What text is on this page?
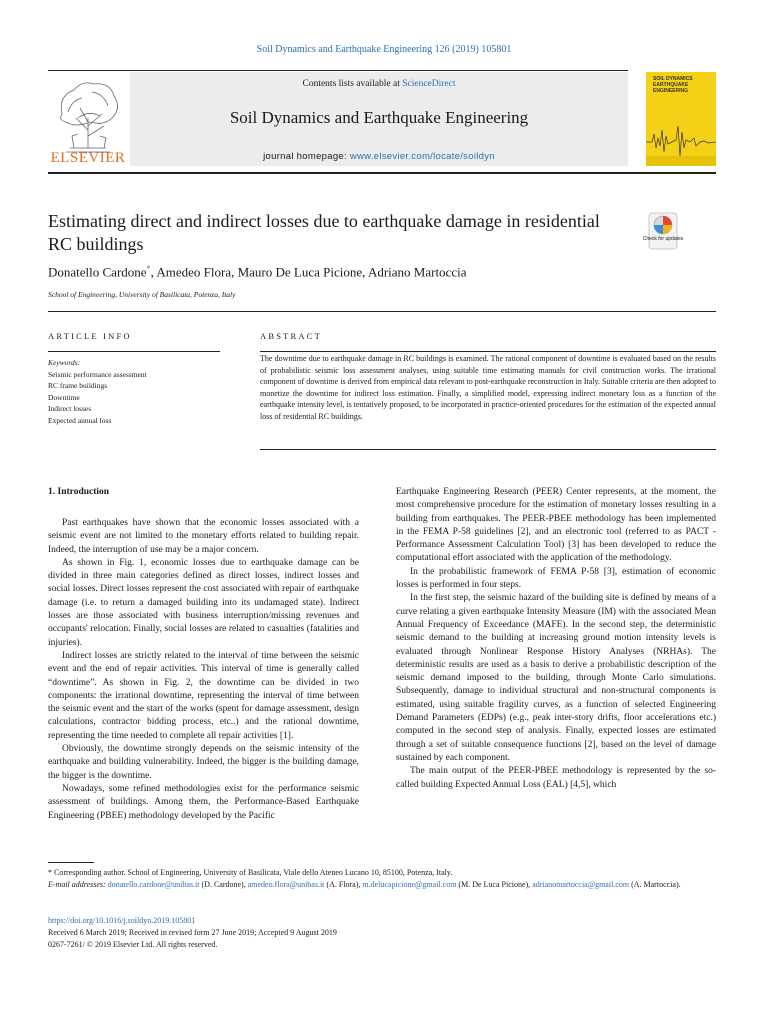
Soil Dynamics and Earthquake Engineering 126 (2019) 105801
Contents lists available at ScienceDirect
Soil Dynamics and Earthquake Engineering
journal homepage: www.elsevier.com/locate/soildyn
ELSEVIER
SOIL DYNAMICS EARTHQUAKE ENGINEERING
Estimating direct and indirect losses due to earthquake damage in residential RC buildings	Check for updates
Donatello Cardone*, Amedeo Flora, Mauro De Luca Picione, Adriano Martoccia
School of Engineering, University of Basilicata, Potenza, Italy
ARTICLE INFO	ABSTRACT
Keywords:
Seismic performance assessment
RC frame buildings
Downtime
Indirect losses
Expected annual loss
The downtime due to earthquake damage in RC buildings is examined. The rational component of downtime is evaluated based on the results of probabilistic seismic loss assessment analyses, using suitable time estimating manuals for civil construction works. The irrational component of downtime is derived from empirical data relevant to post-earthquake reconstruction in Italy. Suitable criteria are then adopted to monetize the downtime for indirect loss estimation. Finally, a simplified model, expressing indirect monetary loss as a function of the earthquake intensity level, is tentatively proposed, to be incorporated in practice-oriented procedures for the estimation of the expected annual loss of residential RC buildings.
1. Introduction

Past earthquakes have shown that the economic losses associated with a seismic event are not limited to the monetary efforts related to building repair. Indeed, the interruption of use may be a major concern.

As shown in Fig. 1, economic losses due to earthquake damage can be divided in three main categories defined as direct losses, indirect losses and social losses. Direct losses represent the cost associated with repair of earthquake damage (i.e. to return a damaged building into its undamaged state). Indirect losses are those associated with business interruption/missing revenues and occupants' relocation. Finally, social losses are related to casualties (fatalities and injuries).

Indirect losses are strictly related to the interval of time between the seismic event and the end of repair activities. This interval of time is generally called “downtime”. As shown in Fig. 2, the downtime can be divided in two components: the irrational downtime, representing the interval of time between the seismic event and the start of the works (spent for damage assessment, design calculations, contractor bidding process, etc..) and the rational downtime, representing the time needed to complete all repair activities [1].

Obviously, the downtime strongly depends on the seismic intensity of the earthquake and building vulnerability. Indeed, the bigger is the building damage, the bigger is the downtime.

Nowadays, some refined methodologies exist for the performance seismic assessment of buildings. Among them, the Performance-Based Earthquake Engineering (PBEE) methodology developed by the Pacific

Earthquake Engineering Research (PEER) Center represents, at the moment, the most comprehensive procedure for the estimation of monetary losses resulting in a building from earthquakes. The PEER-PBEE methodology has been implemented in the FEMA P-58 guidelines [2], and an electronic tool (referred to as PACT - Performance Assessment Calculation Tool) [3] has been developed to reduce the computational effort associated with the application of the methodology.

In the probabilistic framework of FEMA P-58 [3], estimation of economic losses is performed in four steps.

In the first step, the seismic hazard of the building site is defined by means of a curve relating a given earthquake Intensity Measure (IM) with the associated Mean Annual Frequency of Exceedance (MAFE). In the second step, the deterministic seismic demand to the building at increasing ground motion intensity levels is evaluated through Nonlinear Response History Analyses (NRHAs). The deterministic results are used as a basis to derive a probabilistic description of the seismic demand imposed to the building, through Monte Carlo simulations. Subsequently, damage to individual structural and non-structural components is estimated, using suitable fragility curves, as a function of selected Engineering Demand Parameters (EDPs) (e.g., peak inter-story drifts, floor accelerations etc.) computed in the second step of analysis. Finally, expected losses are estimated through a set of suitable consequence functions [2], based on the level of damage sustained by each component.

The main output of the PEER-PBEE methodology is represented by the so-called building Expected Annual Loss (EAL) [4,5], which

* Corresponding author. School of Engineering, University of Basilicata, Viale dello Ateneo Lucano 10, 85100, Potenza, Italy.
E-mail addresses: donatello.cardone@unibas.it (D. Cardone), amedeo.flora@unibas.it (A. Flora), m.delucapicione@gmail.com (M. De Luca Picione), adrianomartoccia@gmail.com (A. Martoccia).
https://doi.org/10.1016/j.soildyn.2019.105801
Received 6 March 2019; Received in revised form 27 June 2019; Accepted 9 August 2019
0267-7261/ © 2019 Elsevier Ltd. All rights reserved.
